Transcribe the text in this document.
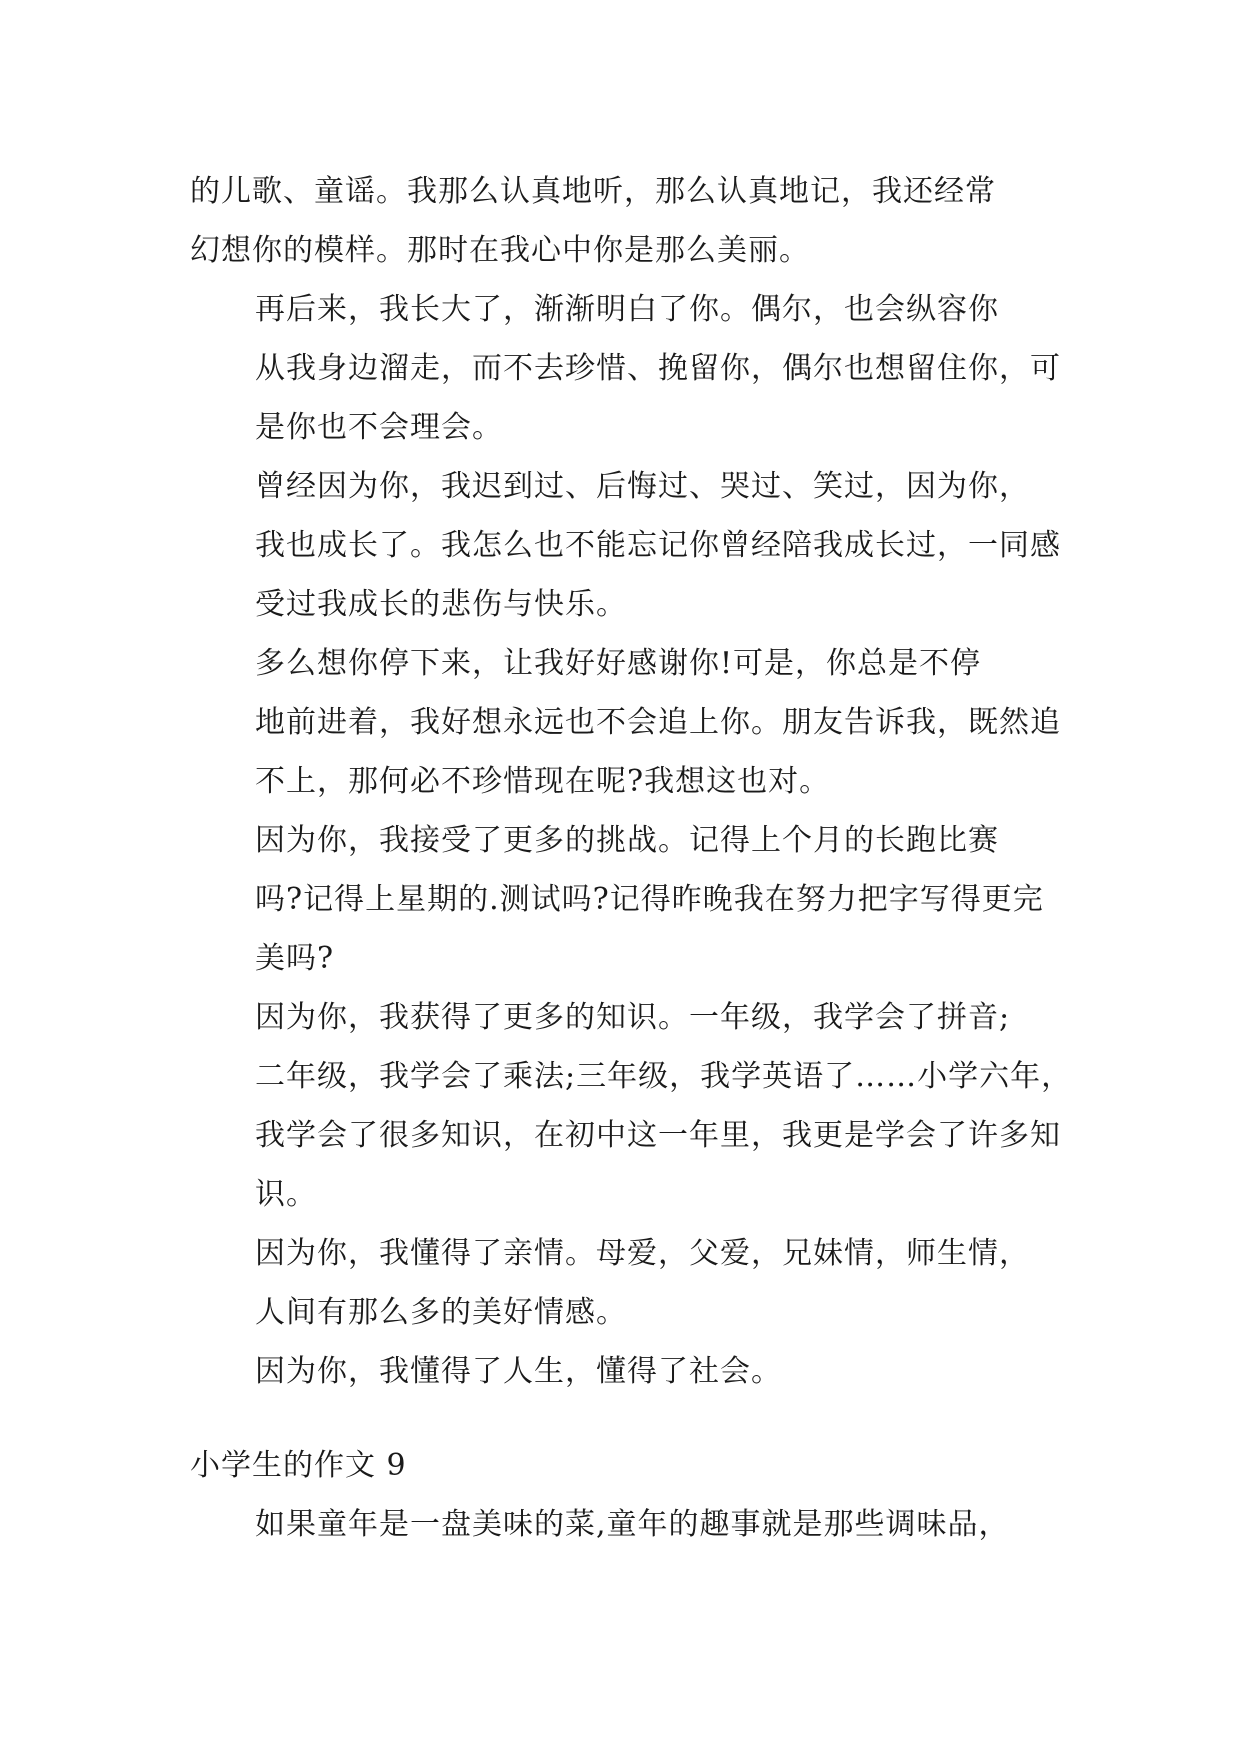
的儿歌、童谣。我那么认真地听，那么认真地记，我还经常
幻想你的模样。那时在我心中你是那么美丽。

再后来，我长大了，渐渐明白了你。偶尔，也会纵容你
从我身边溜走，而不去珍惜、挽留你，偶尔也想留住你，可
是你也不会理会。

曾经因为你，我迟到过、后悔过、哭过、笑过，因为你，
我也成长了。我怎么也不能忘记你曾经陪我成长过，一同感
受过我成长的悲伤与快乐。

多么想你停下来，让我好好感谢你!可是，你总是不停
地前进着，我好想永远也不会追上你。朋友告诉我，既然追
不上，那何必不珍惜现在呢?我想这也对。

因为你，我接受了更多的挑战。记得上个月的长跑比赛
吗?记得上星期的.测试吗?记得昨晚我在努力把字写得更完
美吗?

因为你，我获得了更多的知识。一年级，我学会了拼音;
二年级，我学会了乘法;三年级，我学英语了……小学六年，
我学会了很多知识，在初中这一年里，我更是学会了许多知
识。

因为你，我懂得了亲情。母爱，父爱，兄妹情，师生情，
人间有那么多的美好情感。

因为你，我懂得了人生，懂得了社会。

小学生的作文 9

如果童年是一盘美味的菜,童年的趣事就是那些调味品，
